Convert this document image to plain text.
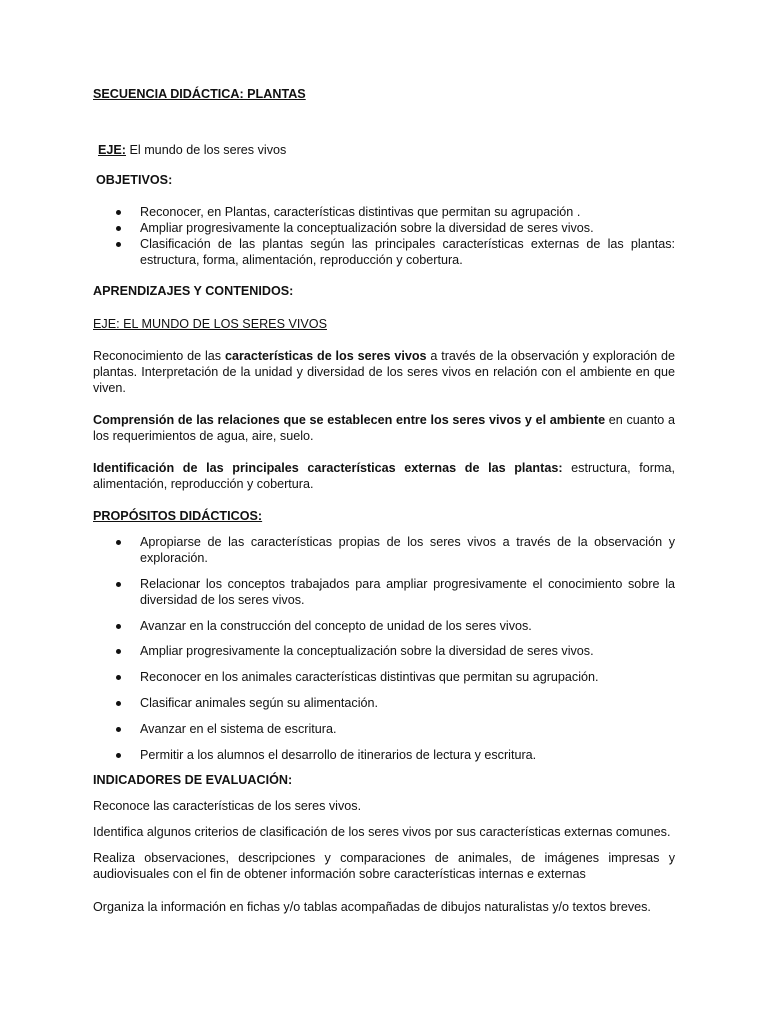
SECUENCIA DIDÁCTICA: PLANTAS

EJE: El mundo de los seres vivos

OBJETIVOS:

Reconocer, en Plantas, características distintivas que permitan su agrupación .
Ampliar progresivamente la conceptualización sobre la diversidad de seres vivos.
Clasificación de las plantas según las principales características externas de las plantas: estructura, forma, alimentación, reproducción y cobertura.

APRENDIZAJES Y CONTENIDOS:

EJE: EL MUNDO DE LOS SERES VIVOS

Reconocimiento de las características de los seres vivos a través de la observación y exploración de plantas. Interpretación de la unidad y diversidad de los seres vivos en relación con el ambiente en que viven.

Comprensión de las relaciones que se establecen entre los seres vivos y el ambiente en cuanto a los requerimientos de agua, aire, suelo.

Identificación de las principales características externas de las plantas: estructura, forma, alimentación, reproducción y cobertura.

PROPÓSITOS DIDÁCTICOS:

Apropiarse de las características propias de los seres vivos a través de la observación y exploración.
Relacionar los conceptos trabajados para ampliar progresivamente el conocimiento sobre la diversidad de los seres vivos.
Avanzar en la construcción del concepto de unidad de los seres vivos.
Ampliar progresivamente la conceptualización sobre la diversidad de seres vivos.
Reconocer en los animales características distintivas que permitan su agrupación.
Clasificar animales según su alimentación.
Avanzar en el sistema de escritura.
Permitir a los alumnos el desarrollo de itinerarios de lectura y escritura.

INDICADORES DE EVALUACIÓN:

Reconoce las características de los seres vivos.

Identifica algunos criterios de clasificación de los seres vivos por sus características externas comunes.

Realiza observaciones, descripciones y comparaciones de animales, de imágenes impresas y audiovisuales con el fin de obtener información sobre características internas e externas

Organiza la información en fichas y/o tablas acompañadas de dibujos naturalistas y/o textos breves.
